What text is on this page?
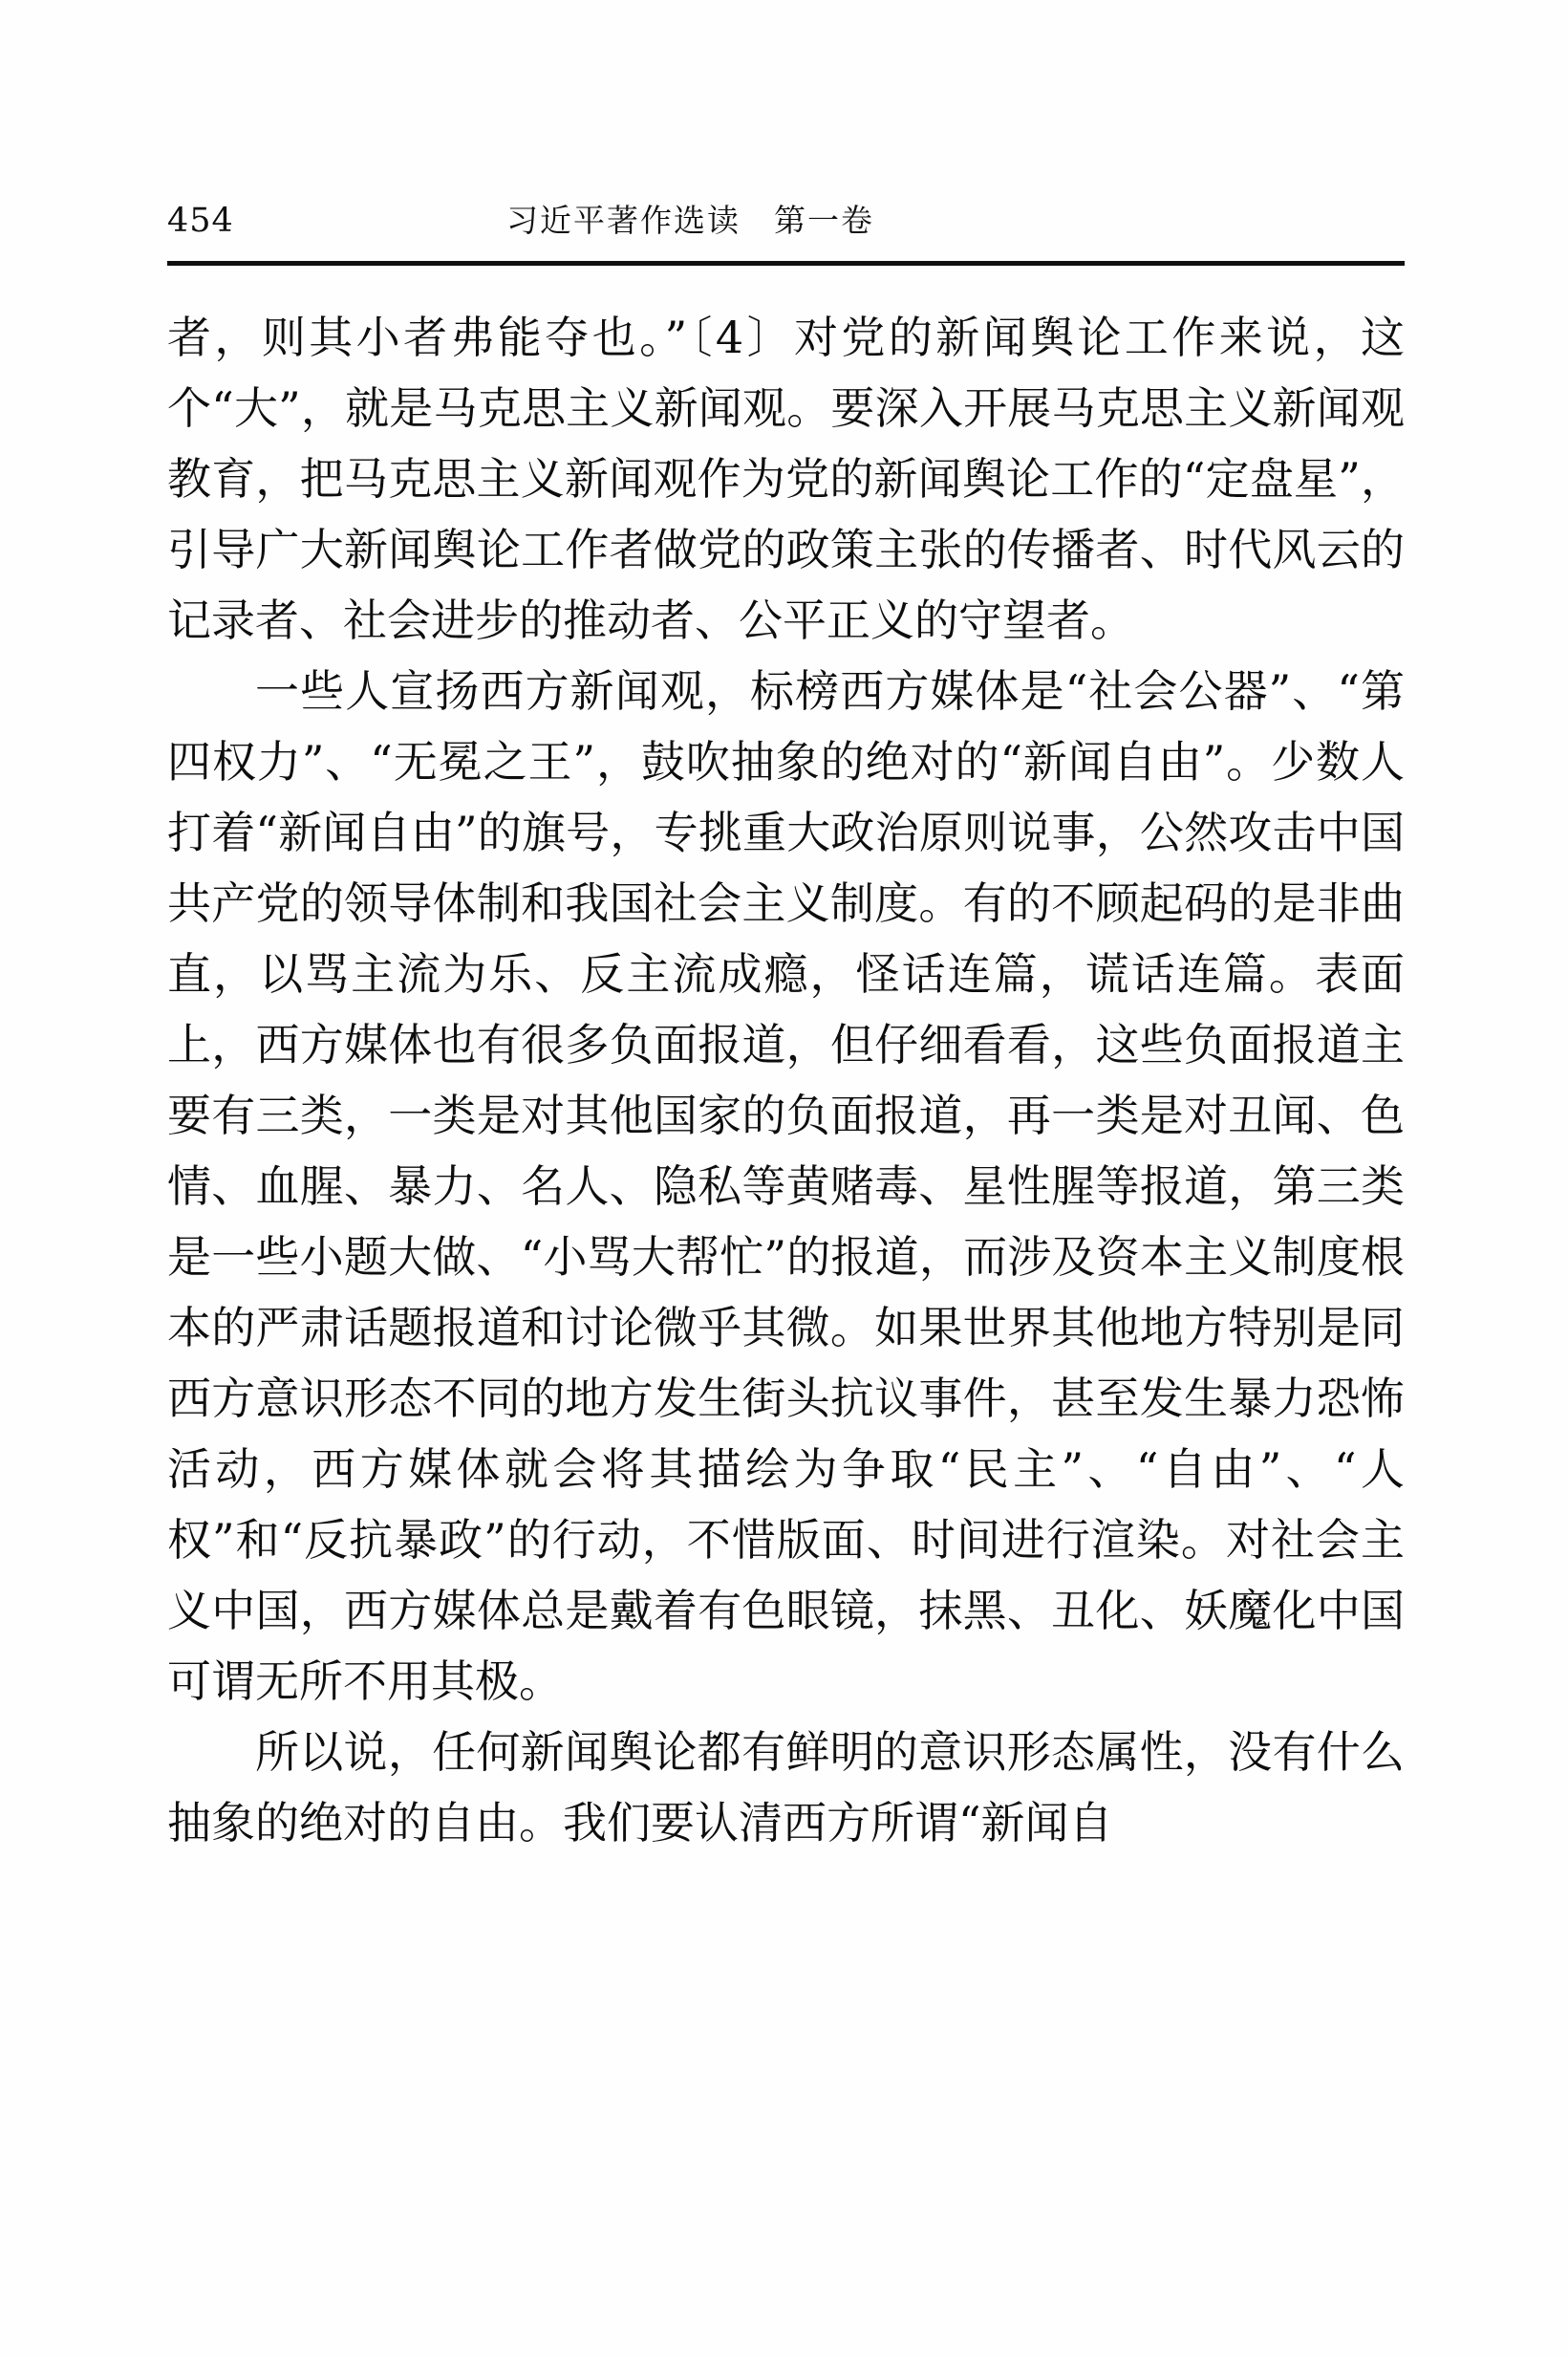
454	习近平著作选读　第一卷

者，则其小者弗能夺也。”〔4〕对党的新闻舆论工作来说，这个“大”，就是马克思主义新闻观。要深入开展马克思主义新闻观教育，把马克思主义新闻观作为党的新闻舆论工作的“定盘星”，引导广大新闻舆论工作者做党的政策主张的传播者、时代风云的记录者、社会进步的推动者、公平正义的守望者。

一些人宣扬西方新闻观，标榜西方媒体是“社会公器”、“第四权力”、“无冕之王”，鼓吹抽象的绝对的“新闻自由”。少数人打着“新闻自由”的旗号，专挑重大政治原则说事，公然攻击中国共产党的领导体制和我国社会主义制度。有的不顾起码的是非曲直，以骂主流为乐、反主流成瘾，怪话连篇，谎话连篇。表面上，西方媒体也有很多负面报道，但仔细看看，这些负面报道主要有三类，一类是对其他国家的负面报道，再一类是对丑闻、色情、血腥、暴力、名人、隐私等黄赌毒、星性腥等报道，第三类是一些小题大做、“小骂大帮忙”的报道，而涉及资本主义制度根本的严肃话题报道和讨论微乎其微。如果世界其他地方特别是同西方意识形态不同的地方发生街头抗议事件，甚至发生暴力恐怖活动，西方媒体就会将其描绘为争取“民主”、“自由”、“人权”和“反抗暴政”的行动，不惜版面、时间进行渲染。对社会主义中国，西方媒体总是戴着有色眼镜，抹黑、丑化、妖魔化中国可谓无所不用其极。

所以说，任何新闻舆论都有鲜明的意识形态属性，没有什么抽象的绝对的自由。我们要认清西方所谓“新闻自
